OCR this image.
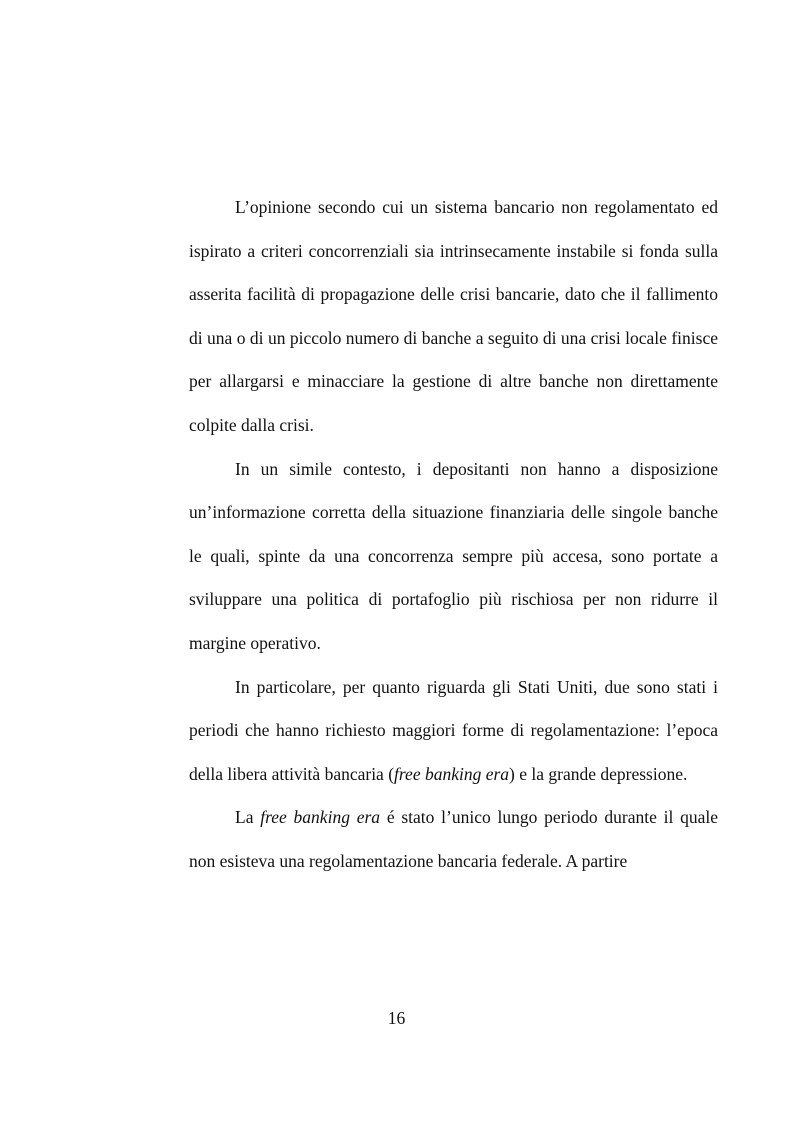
L’opinione secondo cui un sistema bancario non regolamentato ed ispirato a criteri concorrenziali sia intrinsecamente instabile si fonda sulla asserita facilità di propagazione delle crisi bancarie, dato che il fallimento di una o di un piccolo numero di banche a seguito di una crisi locale finisce per allargarsi e minacciare la gestione di altre banche non direttamente colpite dalla crisi.

In un simile contesto, i depositanti non hanno a disposizione un’informazione corretta della situazione finanziaria delle singole banche le quali, spinte da una concorrenza sempre più accesa, sono portate a sviluppare una politica di portafoglio più rischiosa per non ridurre il margine operativo.

In particolare, per quanto riguarda gli Stati Uniti, due sono stati i periodi che hanno richiesto maggiori forme di regolamentazione: l’epoca della libera attività bancaria (free banking era) e la grande depressione.

La free banking era é stato l’unico lungo periodo durante il quale non esisteva una regolamentazione bancaria federale. A partire

16
